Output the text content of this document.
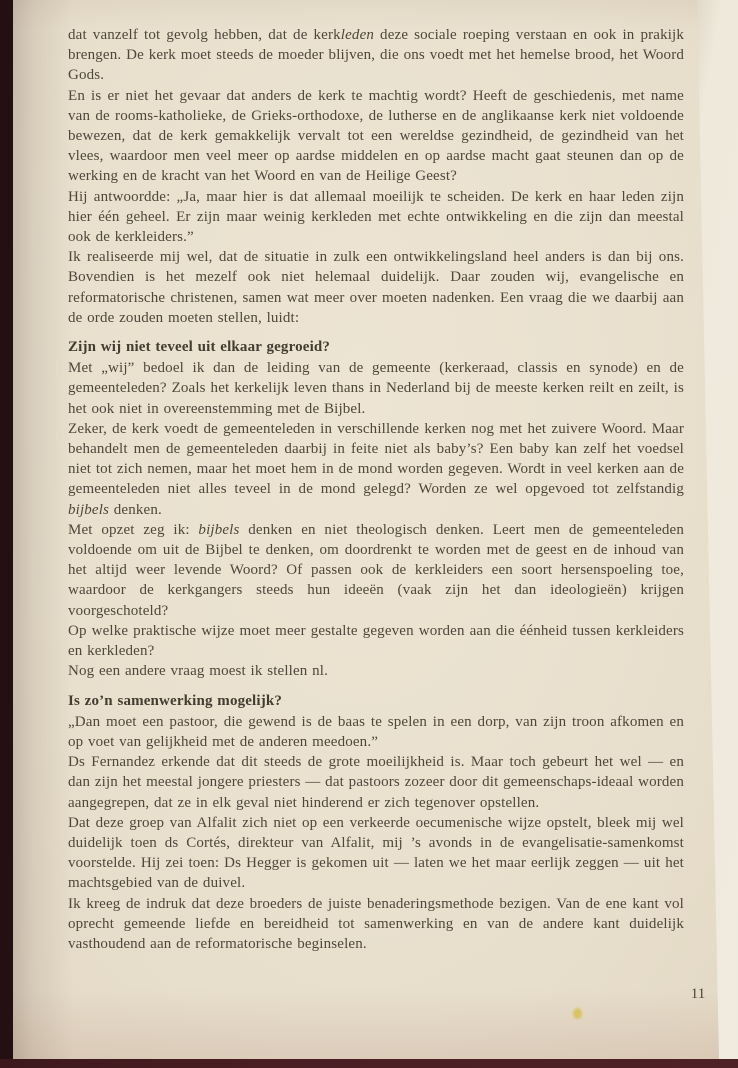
dat vanzelf tot gevolg hebben, dat de kerkleden deze sociale roeping verstaan en ook in prakijk brengen. De kerk moet steeds de moeder blijven, die ons voedt met het hemelse brood, het Woord Gods.

En is er niet het gevaar dat anders de kerk te machtig wordt? Heeft de geschiedenis, met name van de rooms-katholieke, de Grieks-orthodoxe, de lutherse en de anglikaanse kerk niet voldoende bewezen, dat de kerk gemakkelijk vervalt tot een wereldse gezindheid, de gezindheid van het vlees, waardoor men veel meer op aardse middelen en op aardse macht gaat steunen dan op de werking en de kracht van het Woord en van de Heilige Geest?

Hij antwoordde: „Ja, maar hier is dat allemaal moeilijk te scheiden. De kerk en haar leden zijn hier één geheel. Er zijn maar weinig kerkleden met echte ontwikkeling en die zijn dan meestal ook de kerkleiders.”

Ik realiseerde mij wel, dat de situatie in zulk een ontwikkelingsland heel anders is dan bij ons. Bovendien is het mezelf ook niet helemaal duidelijk. Daar zouden wij, evangelische en reformatorische christenen, samen wat meer over moeten nadenken. Een vraag die we daarbij aan de orde zouden moeten stellen, luidt:

Zijn wij niet teveel uit elkaar gegroeid?

Met „wij” bedoel ik dan de leiding van de gemeente (kerkeraad, classis en synode) en de gemeenteleden? Zoals het kerkelijk leven thans in Nederland bij de meeste kerken reilt en zeilt, is het ook niet in overeenstemming met de Bijbel.

Zeker, de kerk voedt de gemeenteleden in verschillende kerken nog met het zuivere Woord. Maar behandelt men de gemeenteleden daarbij in feite niet als baby’s? Een baby kan zelf het voedsel niet tot zich nemen, maar het moet hem in de mond worden gegeven. Wordt in veel kerken aan de gemeenteleden niet alles teveel in de mond gelegd? Worden ze wel opgevoed tot zelfstandig bijbels denken.

Met opzet zeg ik: bijbels denken en niet theologisch denken. Leert men de gemeenteleden voldoende om uit de Bijbel te denken, om doordrenkt te worden met de geest en de inhoud van het altijd weer levende Woord? Of passen ook de kerkleiders een soort hersenspoeling toe, waardoor de kerkgangers steeds hun ideeën (vaak zijn het dan ideologieën) krijgen voorgeschoteld?

Op welke praktische wijze moet meer gestalte gegeven worden aan die éénheid tussen kerkleiders en kerkleden?

Nog een andere vraag moest ik stellen nl.

Is zo’n samenwerking mogelijk?

„Dan moet een pastoor, die gewend is de baas te spelen in een dorp, van zijn troon afkomen en op voet van gelijkheid met de anderen meedoen.”

Ds Fernandez erkende dat dit steeds de grote moeilijkheid is. Maar toch gebeurt het wel — en dan zijn het meestal jongere priesters — dat pastoors zozeer door dit gemeenschaps-ideaal worden aangegrepen, dat ze in elk geval niet hinderend er zich tegenover opstellen.

Dat deze groep van Alfalit zich niet op een verkeerde oecumenische wijze opstelt, bleek mij wel duidelijk toen ds Cortés, direkteur van Alfalit, mij ’s avonds in de evangelisatie-samenkomst voorstelde. Hij zei toen: Ds Hegger is gekomen uit — laten we het maar eerlijk zeggen — uit het machtsgebied van de duivel.

Ik kreeg de indruk dat deze broeders de juiste benaderingsmethode bezigen. Van de ene kant vol oprecht gemeende liefde en bereidheid tot samenwerking en van de andere kant duidelijk vasthoudend aan de reformatorische beginselen.

11
